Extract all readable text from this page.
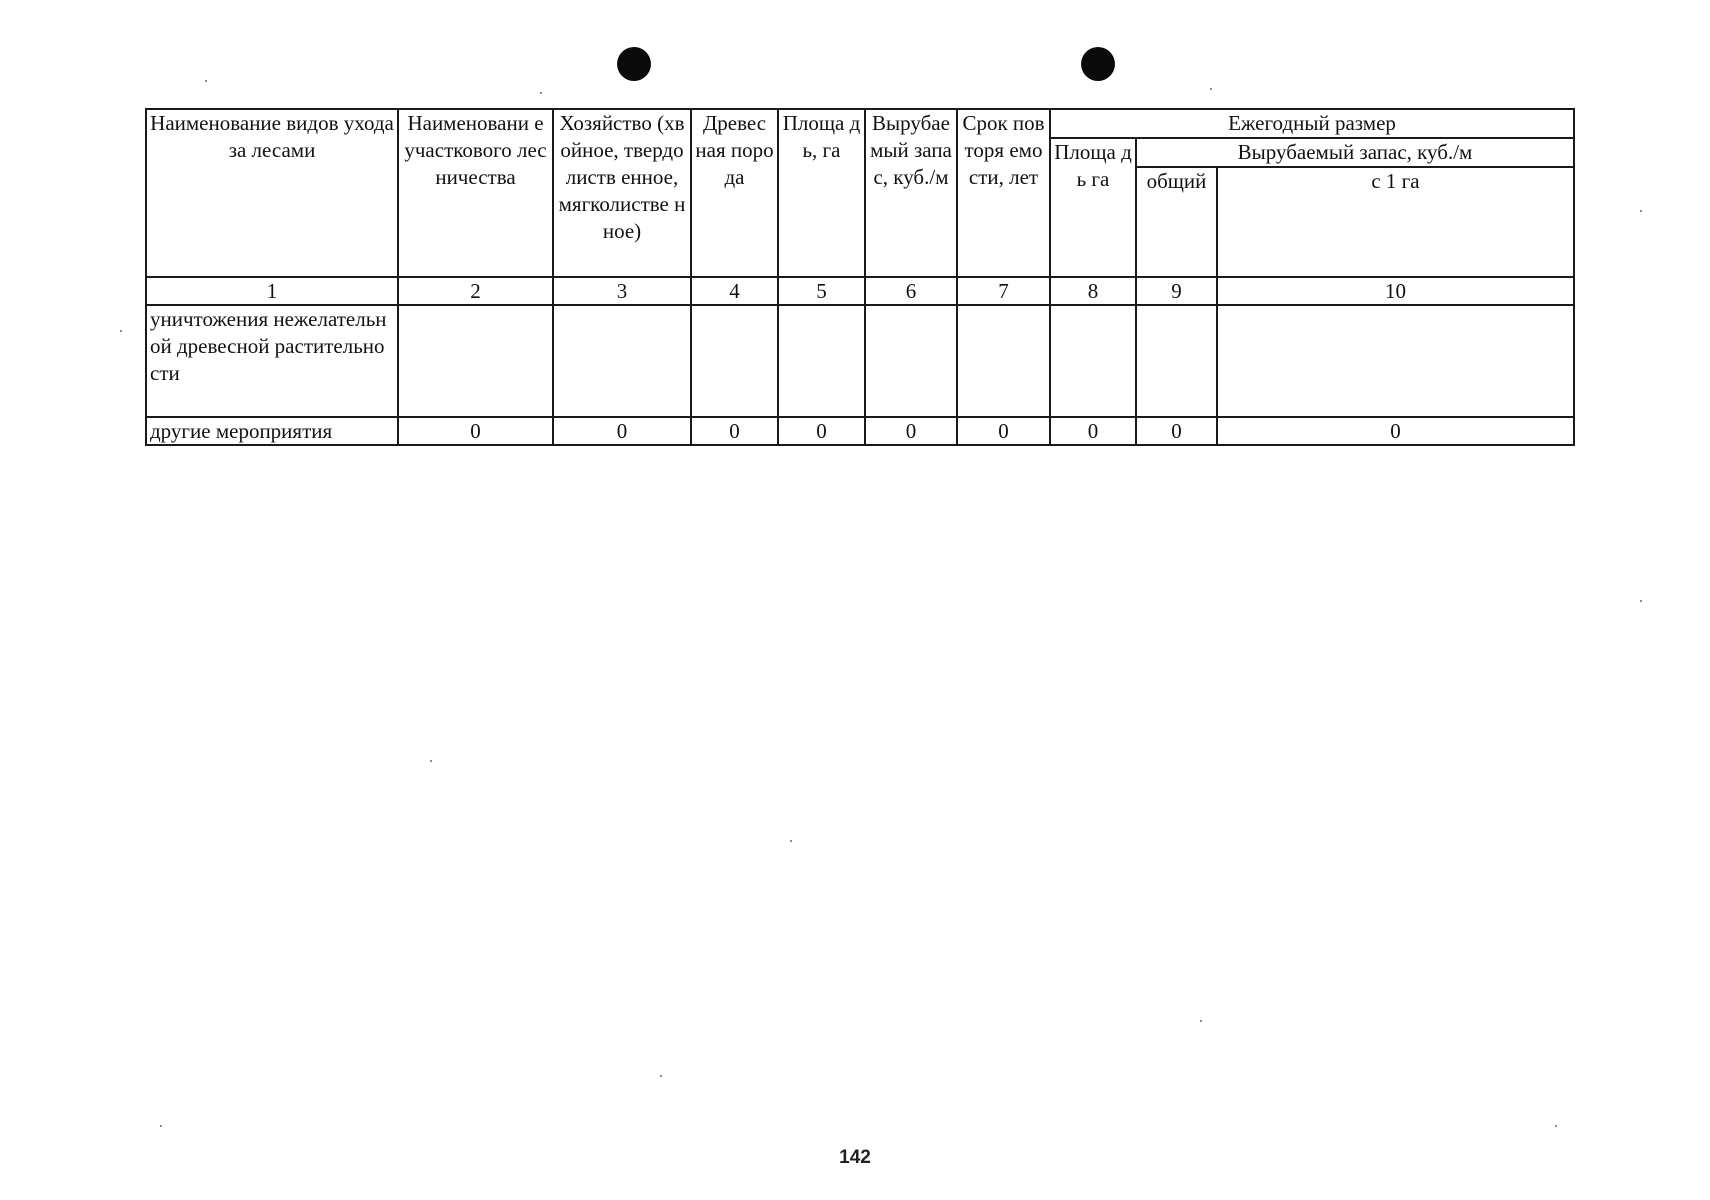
Наименование видов ухода за лесами	Наименовани е участкового лесничества	Хозяйство (хвойное, твердолиств енное, мягколистве нное)	Древес ная порода	Площа дь, га	Вырубаемый запас, куб./м	Срок повторя емости, лет	Ежегодный размер		
							Площа дь га	Вырубаемый запас, куб./м	
								общий	с 1 га
1	2	3	4	5	6	7	8	9	10
уничтожения нежелательной древесной растительности									
другие мероприятия	0	0	0	0	0	0	0	0	0
142
